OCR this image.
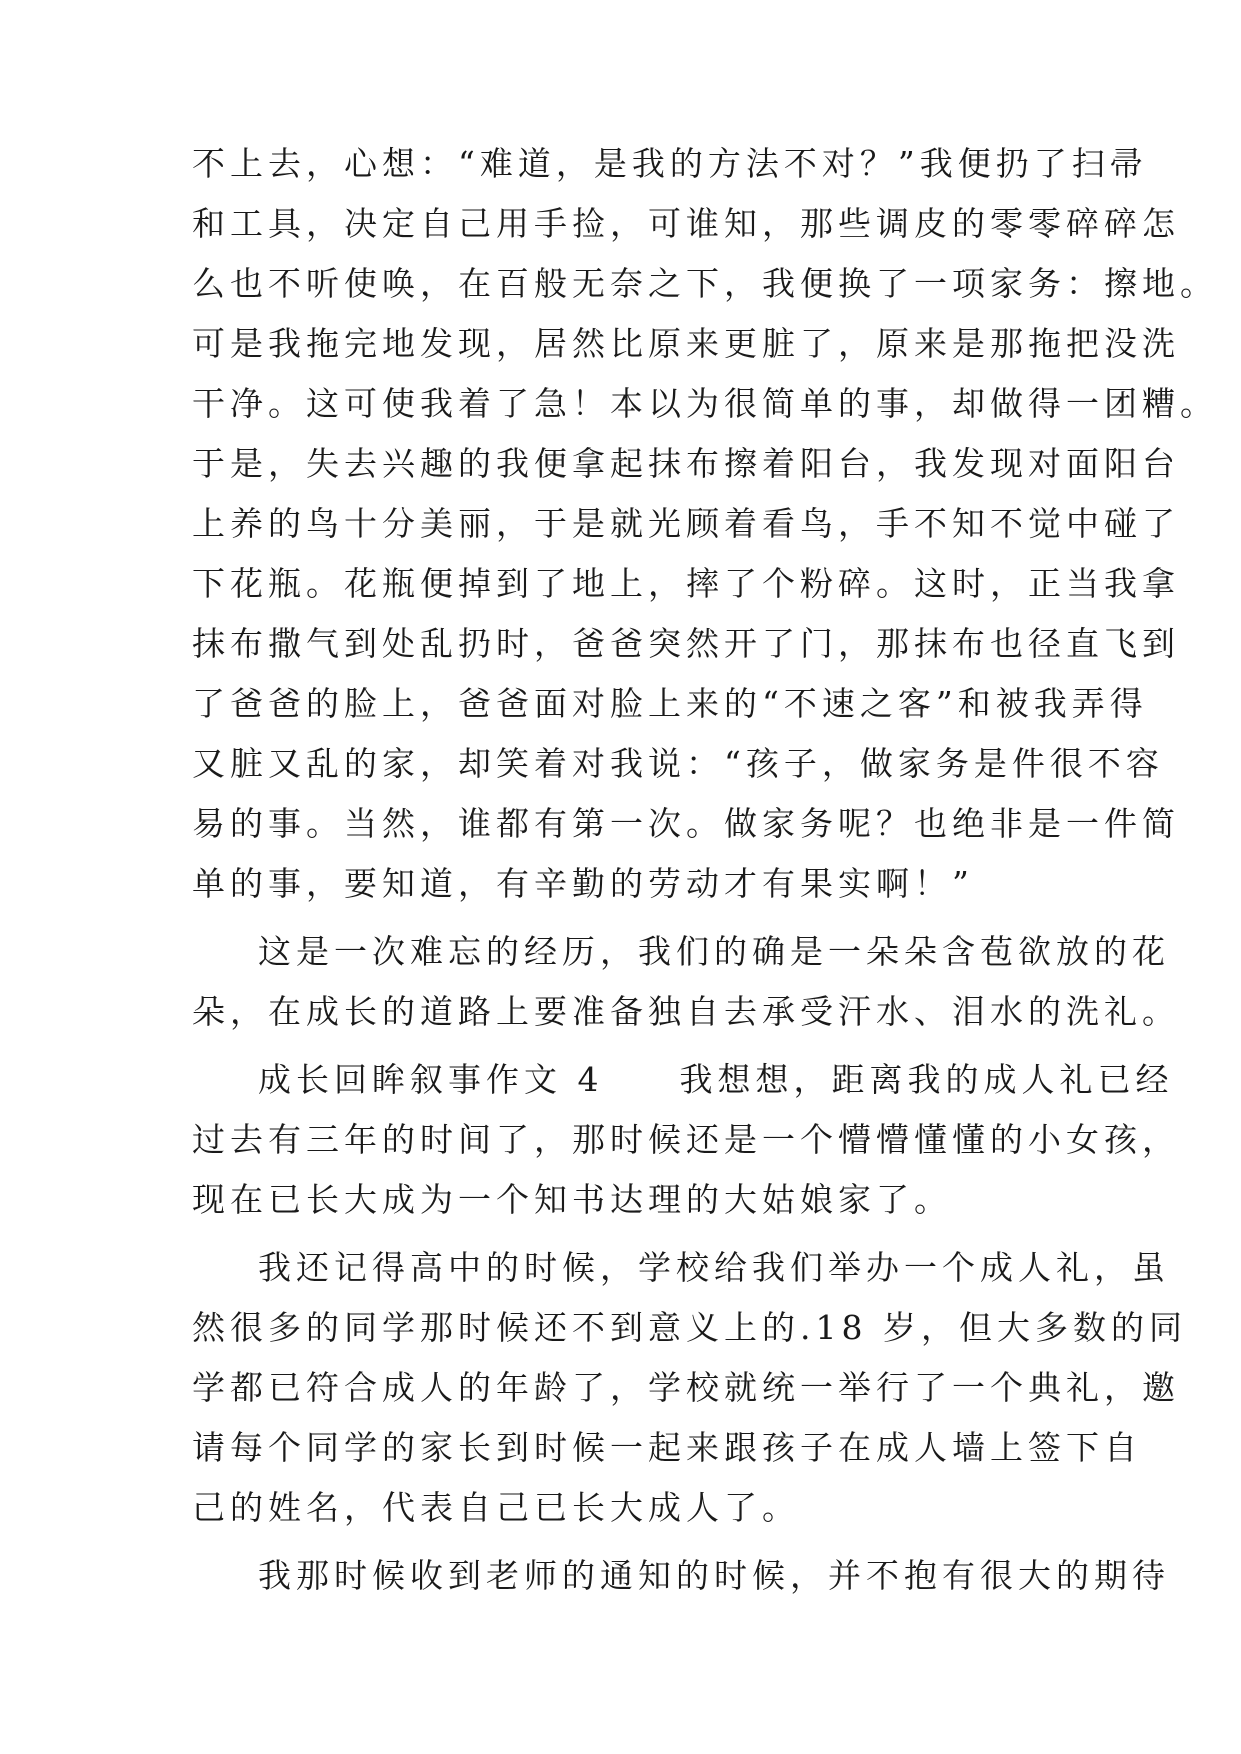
不上去，心想：“难道，是我的方法不对？”我便扔了扫帚
和工具，决定自己用手捡，可谁知，那些调皮的零零碎碎怎
么也不听使唤，在百般无奈之下，我便换了一项家务：擦地。
可是我拖完地发现，居然比原来更脏了，原来是那拖把没洗
干净。这可使我着了急！本以为很简单的事，却做得一团糟。
于是，失去兴趣的我便拿起抹布擦着阳台，我发现对面阳台
上养的鸟十分美丽，于是就光顾着看鸟，手不知不觉中碰了
下花瓶。花瓶便掉到了地上，摔了个粉碎。这时，正当我拿
抹布撒气到处乱扔时，爸爸突然开了门，那抹布也径直飞到
了爸爸的脸上，爸爸面对脸上来的“不速之客”和被我弄得
又脏又乱的家，却笑着对我说：“孩子，做家务是件很不容
易的事。当然，谁都有第一次。做家务呢？也绝非是一件简
单的事，要知道，有辛勤的劳动才有果实啊！”
这是一次难忘的经历，我们的确是一朵朵含苞欲放的花
朵，在成长的道路上要准备独自去承受汗水、泪水的洗礼。
成长回眸叙事作文 4　　我想想，距离我的成人礼已经
过去有三年的时间了，那时候还是一个懵懵懂懂的小女孩，
现在已长大成为一个知书达理的大姑娘家了。
我还记得高中的时候，学校给我们举办一个成人礼，虽
然很多的同学那时候还不到意义上的.18 岁，但大多数的同
学都已符合成人的年龄了，学校就统一举行了一个典礼，邀
请每个同学的家长到时候一起来跟孩子在成人墙上签下自
己的姓名，代表自己已长大成人了。
我那时候收到老师的通知的时候，并不抱有很大的期待
